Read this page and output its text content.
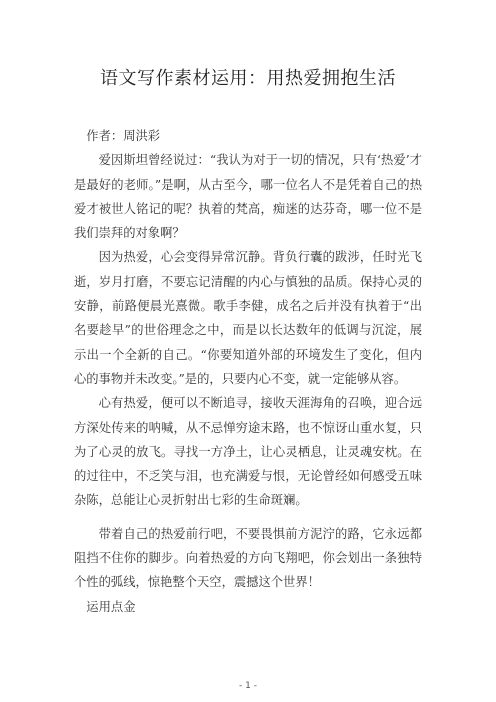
语文写作素材运用：用热爱拥抱生活

作者：周洪彩

爱因斯坦曾经说过：“我认为对于一切的情况，只有‘热爱’才是最好的老师。”是啊，从古至今，哪一位名人不是凭着自己的热爱才被世人铭记的呢？执着的梵高，痴迷的达芬奇，哪一位不是我们崇拜的对象啊？

因为热爱，心会变得异常沉静。背负行囊的跋涉，任时光飞逝，岁月打磨，不要忘记清醒的内心与慎独的品质。保持心灵的安静，前路便晨光熹微。歌手李健，成名之后并没有执着于“出名要趁早”的世俗理念之中，而是以长达数年的低调与沉淀，展示出一个全新的自己。“你要知道外部的环境发生了变化，但内心的事物并未改变。”是的，只要内心不变，就一定能够从容。

心有热爱，便可以不断追寻，接收天涯海角的召唤，迎合远方深处传来的呐喊，从不忌惮穷途末路，也不惊讶山重水复，只为了心灵的放飞。寻找一方净土，让心灵栖息，让灵魂安枕。在的过往中，不乏笑与泪，也充满爱与恨，无论曾经如何感受五味杂陈，总能让心灵折射出七彩的生命斑斓。

带着自己的热爱前行吧，不要畏惧前方泥泞的路，它永远都阻挡不住你的脚步。向着热爱的方向飞翔吧，你会划出一条独特个性的弧线，惊艳整个天空，震撼这个世界！

运用点金

- 1 -
